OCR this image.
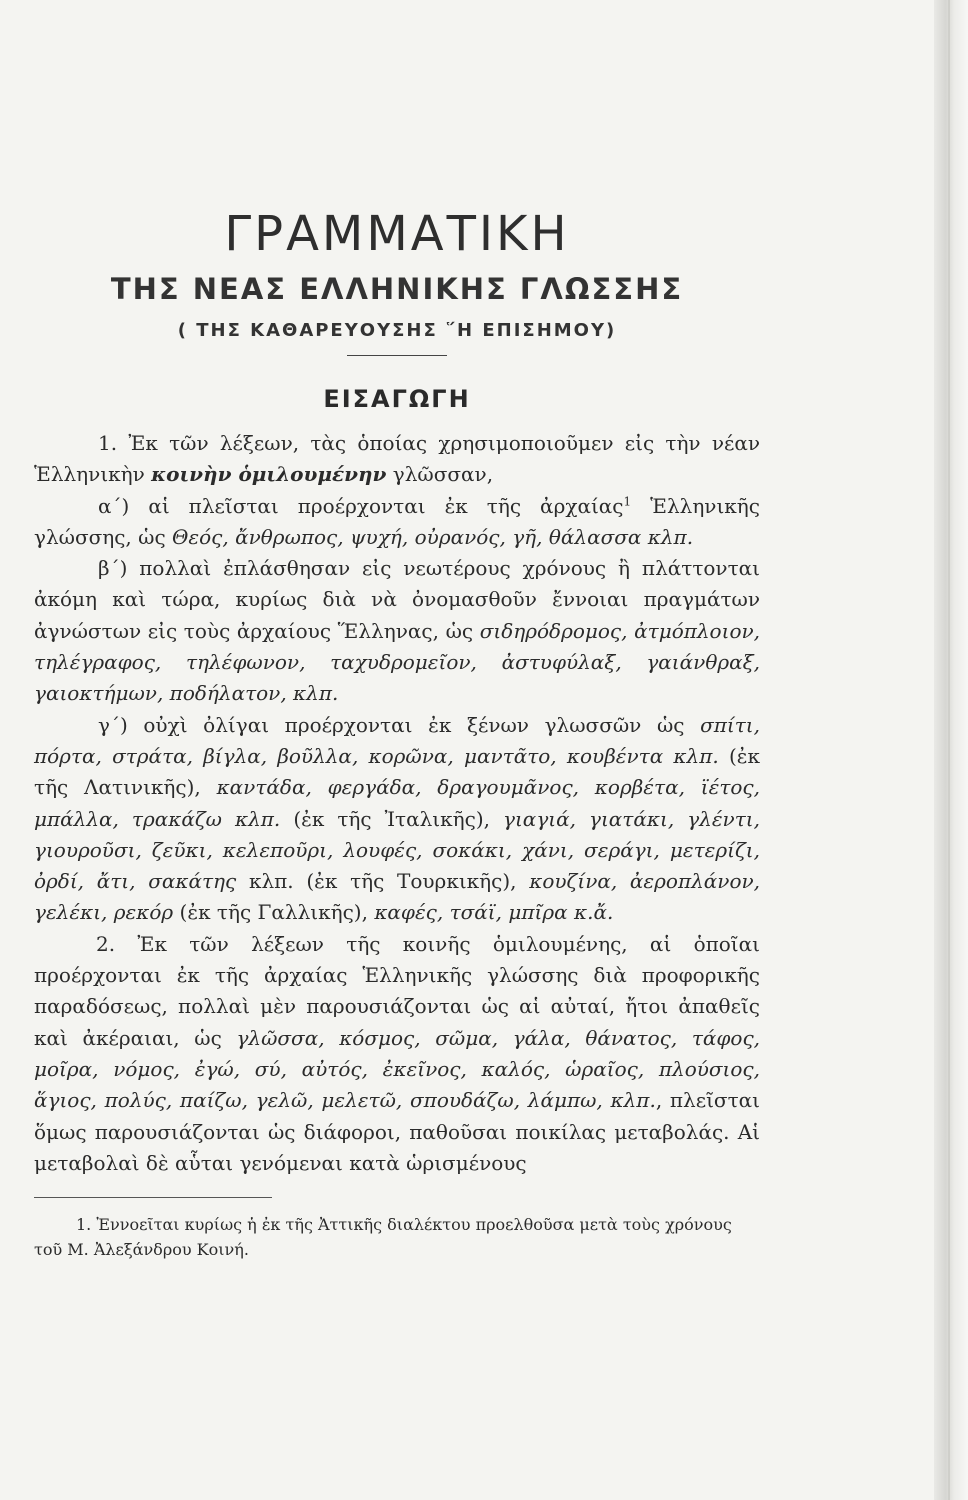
ΓΡΑΜΜΑΤΙΚΗ
ΤΗΣ ΝΕΑΣ ΕΛΛΗΝΙΚΗΣ ΓΛΩΣΣΗΣ
( ΤΗΣ ΚΑΘΑΡΕΥΟΥΣΗΣ ῞Η ΕΠΙΣΗΜΟΥ)
ΕΙΣΑΓΩΓΗ

1. Ἐκ τῶν λέξεων, τὰς ὁποίας χρησιμοποιοῦμεν εἰς τὴν νέαν Ἑλληνικὴν κοινὴν ὁμιλουμένην γλῶσσαν,

α΄) αἱ πλεῖσται προέρχονται ἐκ τῆς ἀρχαίας$^1$ Ἑλληνικῆς γλώσσης, ὡς Θεός, ἄνθρωπος, ψυχή, οὐρανός, γῆ, θάλασσα κλπ.

β΄) πολλαὶ ἐπλάσθησαν εἰς νεωτέρους χρόνους ἢ πλάττονται ἀκόμη καὶ τώρα, κυρίως διὰ νὰ ὀνομασθοῦν ἔννοιαι πραγμάτων ἀγνώστων εἰς τοὺς ἀρχαίους Ἕλληνας, ὡς σιδηρόδρομος, ἀτμόπλοιον, τηλέγραφος, τηλέφωνον, ταχυδρομεῖον, ἀστυφύλαξ, γαιάνθραξ, γαιοκτήμων, ποδήλατον, κλπ.

γ΄) οὐχὶ ὀλίγαι προέρχονται ἐκ ξένων γλωσσῶν ὡς σπίτι, πόρτα, στράτα, βίγλα, βοῦλλα, κορῶνα, μαντᾶτο, κουβέντα κλπ. (ἐκ τῆς Λατινικῆς), καντάδα, φεργάδα, δραγουμᾶνος, κορβέτα, ϊέτος, μπάλλα, τρακάζω κλπ. (ἐκ τῆς Ἰταλικῆς), γιαγιά, γιατάκι, γλέντι, γιουροῦσι, ζεῦκι, κελεποῦρι, λουφές, σοκάκι, χάνι, σεράγι, μετερίζι, ὀρδί, ἄτι, σακάτης κλπ. (ἐκ τῆς Τουρκικῆς), κουζίνα, ἀεροπλάνον, γελέκι, ρεκόρ (ἐκ τῆς Γαλλικῆς), καφές, τσάϊ, μπῖρα κ.ἄ.

2. Ἐκ τῶν λέξεων τῆς κοινῆς ὁμιλουμένης, αἱ ὁποῖαι προέρχονται ἐκ τῆς ἀρχαίας Ἑλληνικῆς γλώσσης διὰ προφορικῆς παραδόσεως, πολλαὶ μὲν παρουσιάζονται ὡς αἱ αὐταί, ἤτοι ἀπαθεῖς καὶ ἀκέραιαι, ὡς γλῶσσα, κόσμος, σῶμα, γάλα, θάνατος, τάφος, μοῖρα, νόμος, ἐγώ, σύ, αὐτός, ἐκεῖνος, καλός, ὡραῖος, πλούσιος, ἅγιος, πολύς, παίζω, γελῶ, μελετῶ, σπουδάζω, λάμπω, κλπ., πλεῖσται ὅμως παρουσιάζονται ὡς διάφοροι, παθοῦσαι ποικίλας μεταβολάς. Αἱ μεταβολαὶ δὲ αὗται γενόμεναι κατὰ ὡρισμένους

1. Ἐννοεῖται κυρίως ἡ ἐκ τῆς Ἀττικῆς διαλέκτου προελθοῦσα μετὰ τοὺς χρόνους τοῦ Μ. Ἀλεξάνδρου Κοινή.
